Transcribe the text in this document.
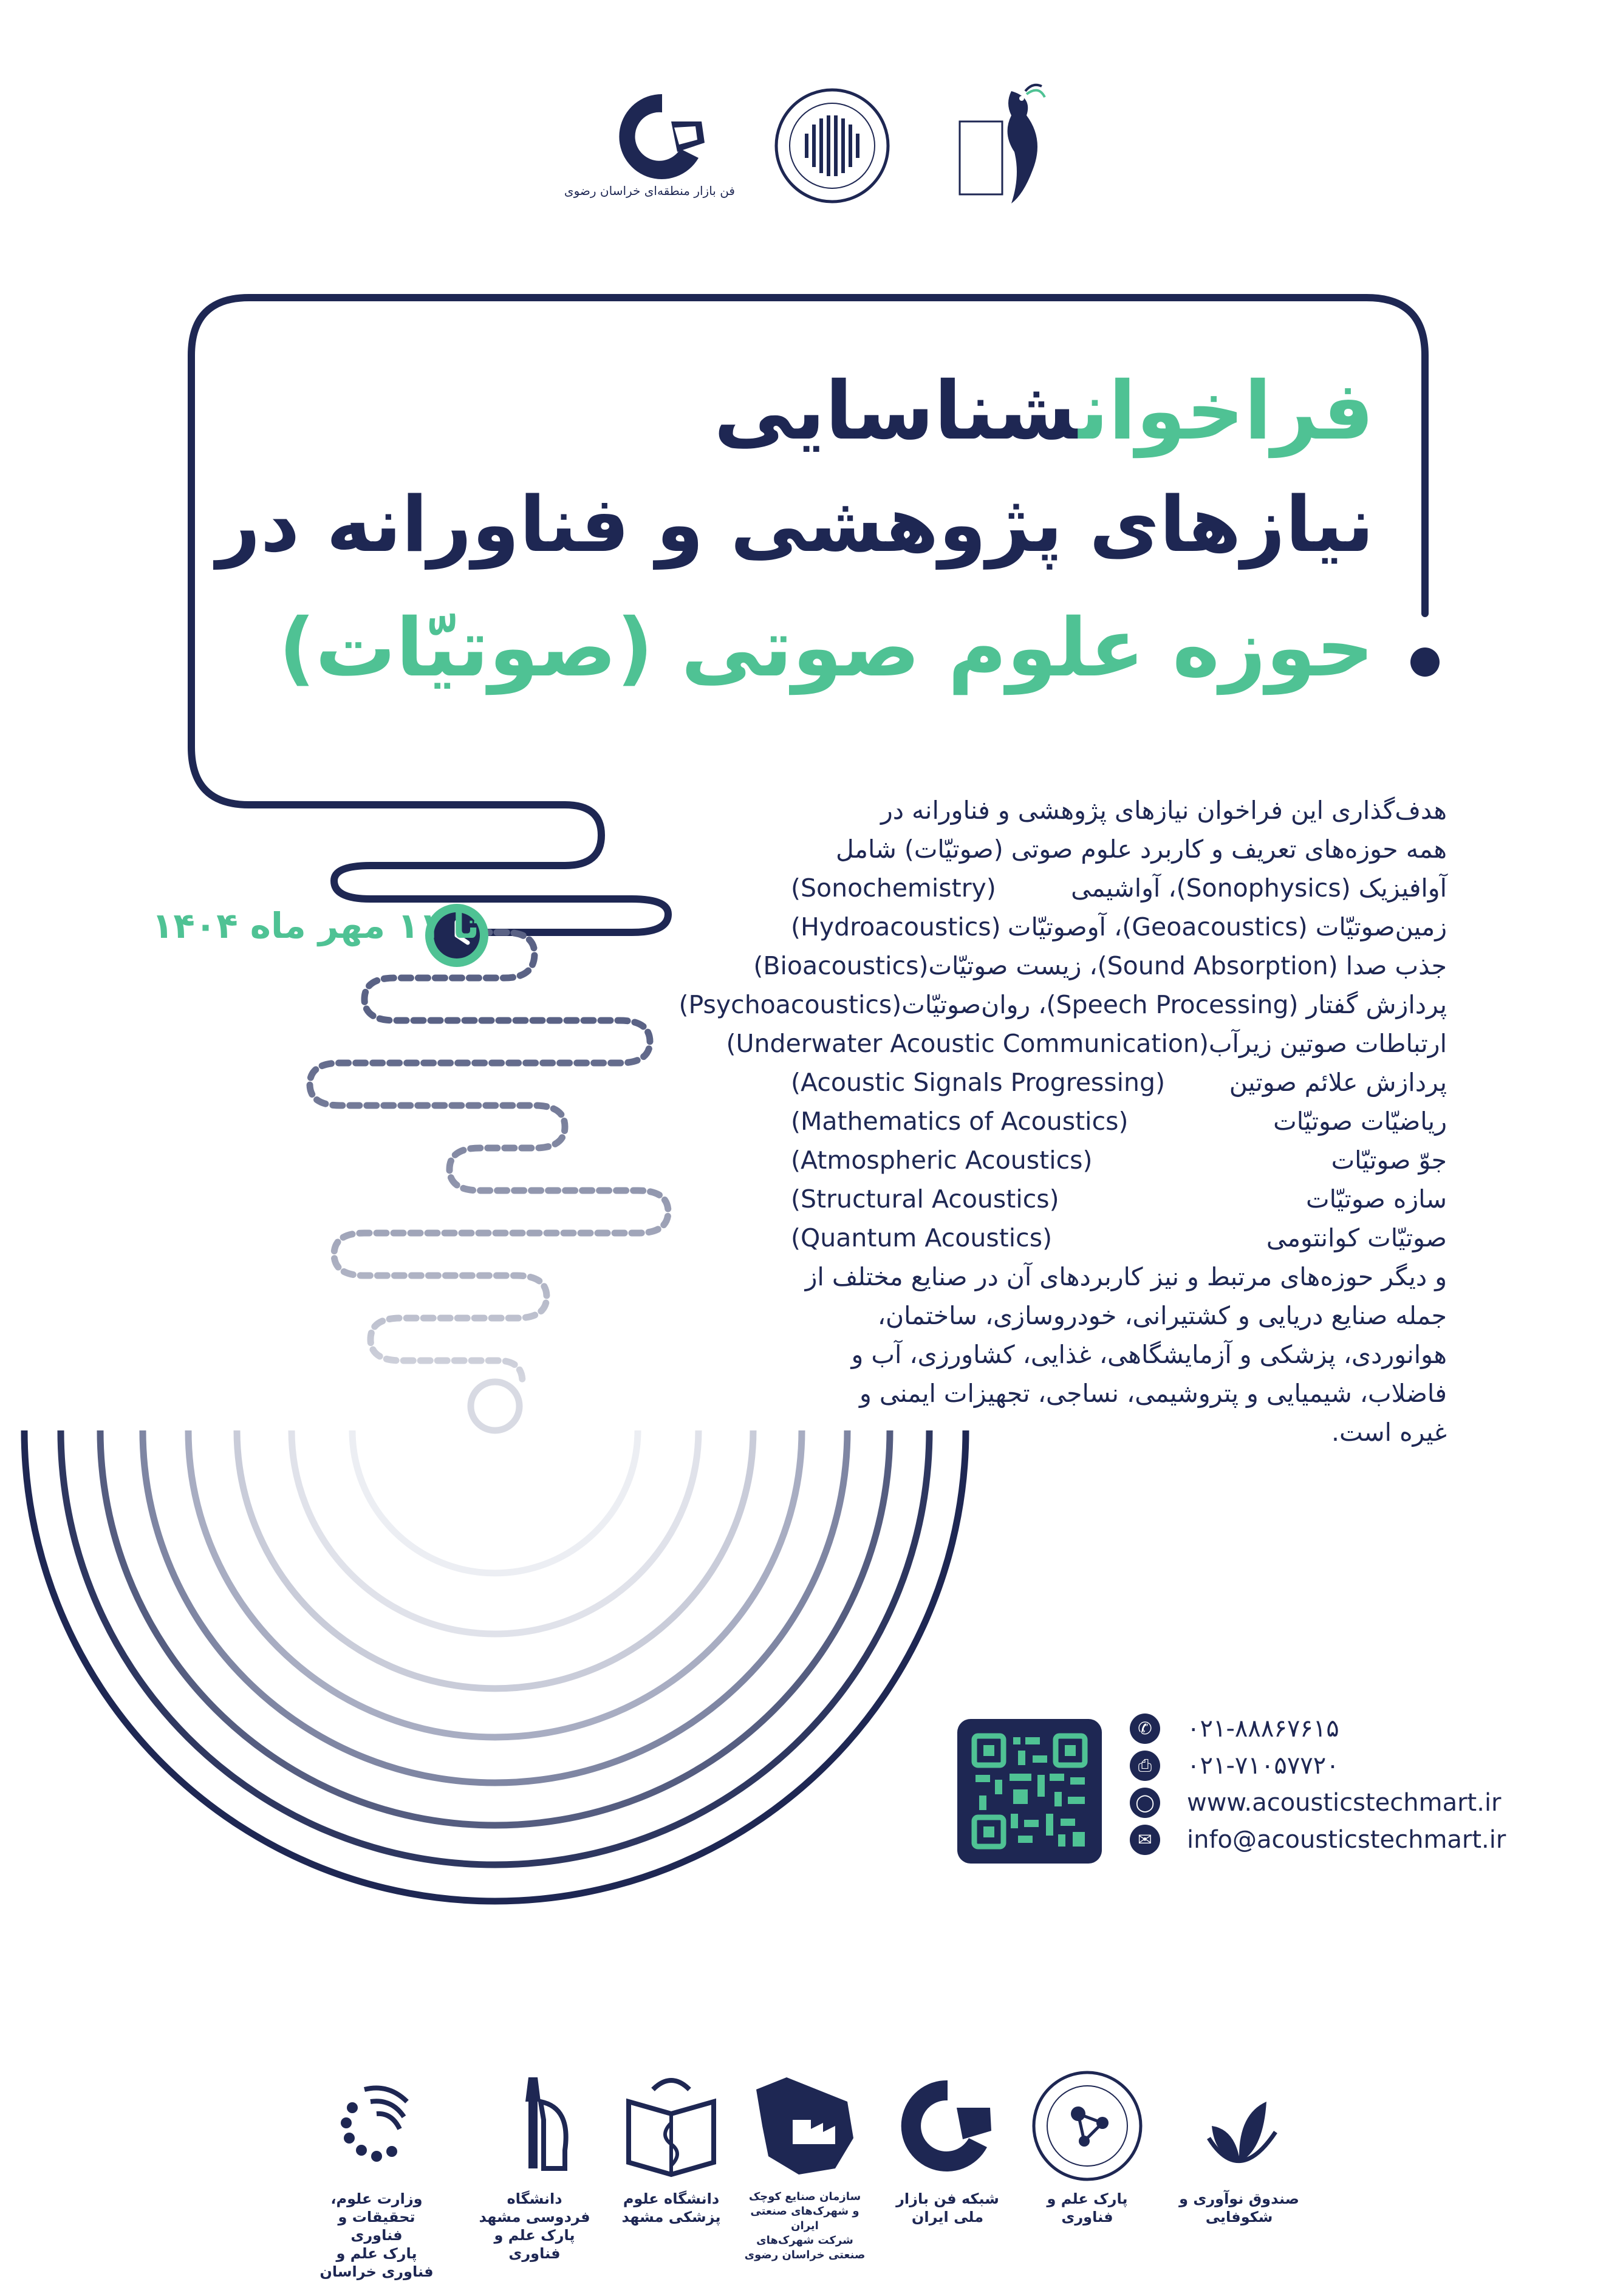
فن بازار منطقه‌ای خراسان رضوی
فراخوانشناسایی
نیازهای پژوهشی و فناورانه در
حوزه علوم صوتی (صوتیّات)
تا ۱۱ مهر ماه ۱۴۰۴
هدف‌گذاری این فراخوان نیازهای پژوهشی و فناورانه در
همه حوزه‌های تعریف و کاربرد علوم صوتی (صوتیّات) شامل
آوافیزیک (Sonophysics)، آواشیمی
(Sonochemistry)
زمین‌صوتیّات (Geoacoustics)، آوصوتیّات
(Hydroacoustics)
جذب صدا (Sound Absorption)، زیست صوتیّات
(Bioacoustics)
پردازش گفتار (Speech Processing)، روان‌صوتیّات
(Psychoacoustics)
ارتباطات صوتین زیرآب
(Underwater Acoustic Communication)
پردازش علائم صوتین
(Acoustic Signals Progressing)
ریاضیّات صوتیّات
(Mathematics of Acoustics)
جوّ صوتیّات
(Atmospheric Acoustics)
سازه صوتیّات
(Structural Acoustics)
صوتیّات کوانتومی
(Quantum Acoustics)
و دیگر حوزه‌های مرتبط و نیز کاربردهای آن در صنایع مختلف از
جمله صنایع دریایی و کشتیرانی، خودروسازی، ساختمان،
هوانوردی، پزشکی و آزمایشگاهی، غذایی، کشاورزی، آب و
فاضلاب، شیمیایی و پتروشیمی، نساجی، تجهیزات ایمنی و
غیره است.
✆	۰۲۱-۸۸۸۶۷۶۱۵
⎙	۰۲۱-۷۱۰۵۷۷۲۰
◯ www.acousticstechmart.ir
✉	info@acousticstechmart.ir
وزارت علوم، تحقیقات و فناوری
پارک علم و فناوری خراسان
دانشگاه فردوسی مشهد
پارک علم و فناوری
دانشگاه علوم پزشکی مشهد
سازمان صنایع کوچک و شهرک‌های صنعتی ایران
شرکت شهرک‌های صنعتی خراسان رضوی
شبکه فن بازار ملی ایران
پارک علم و فناوری
صندوق نوآوری و شکوفایی
